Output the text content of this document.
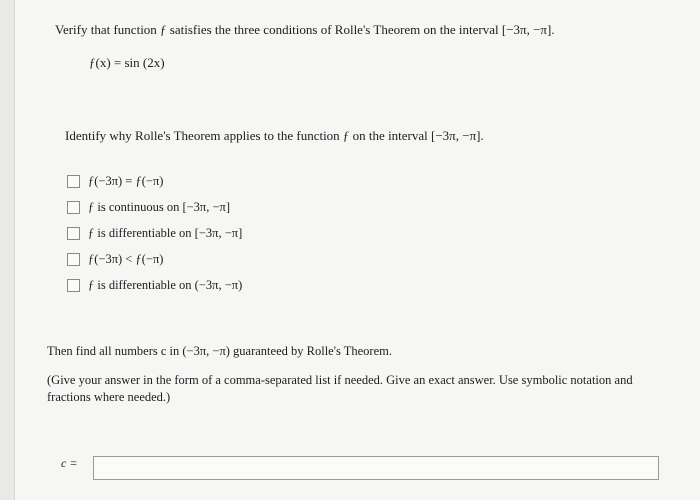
Verify that function ƒ satisfies the three conditions of Rolle's Theorem on the interval [−3π, −π].
ƒ(x) = sin (2x)
Identify why Rolle's Theorem applies to the function ƒ on the interval [−3π, −π].
ƒ(−3π) = ƒ(−π)
ƒ is continuous on [−3π, −π]
ƒ is differentiable on [−3π, −π]
ƒ(−3π) < ƒ(−π)
ƒ is differentiable on (−3π, −π)
Then find all numbers c in (−3π, −π) guaranteed by Rolle's Theorem.
(Give your answer in the form of a comma-separated list if needed. Give an exact answer. Use symbolic notation and fractions where needed.)
c =
